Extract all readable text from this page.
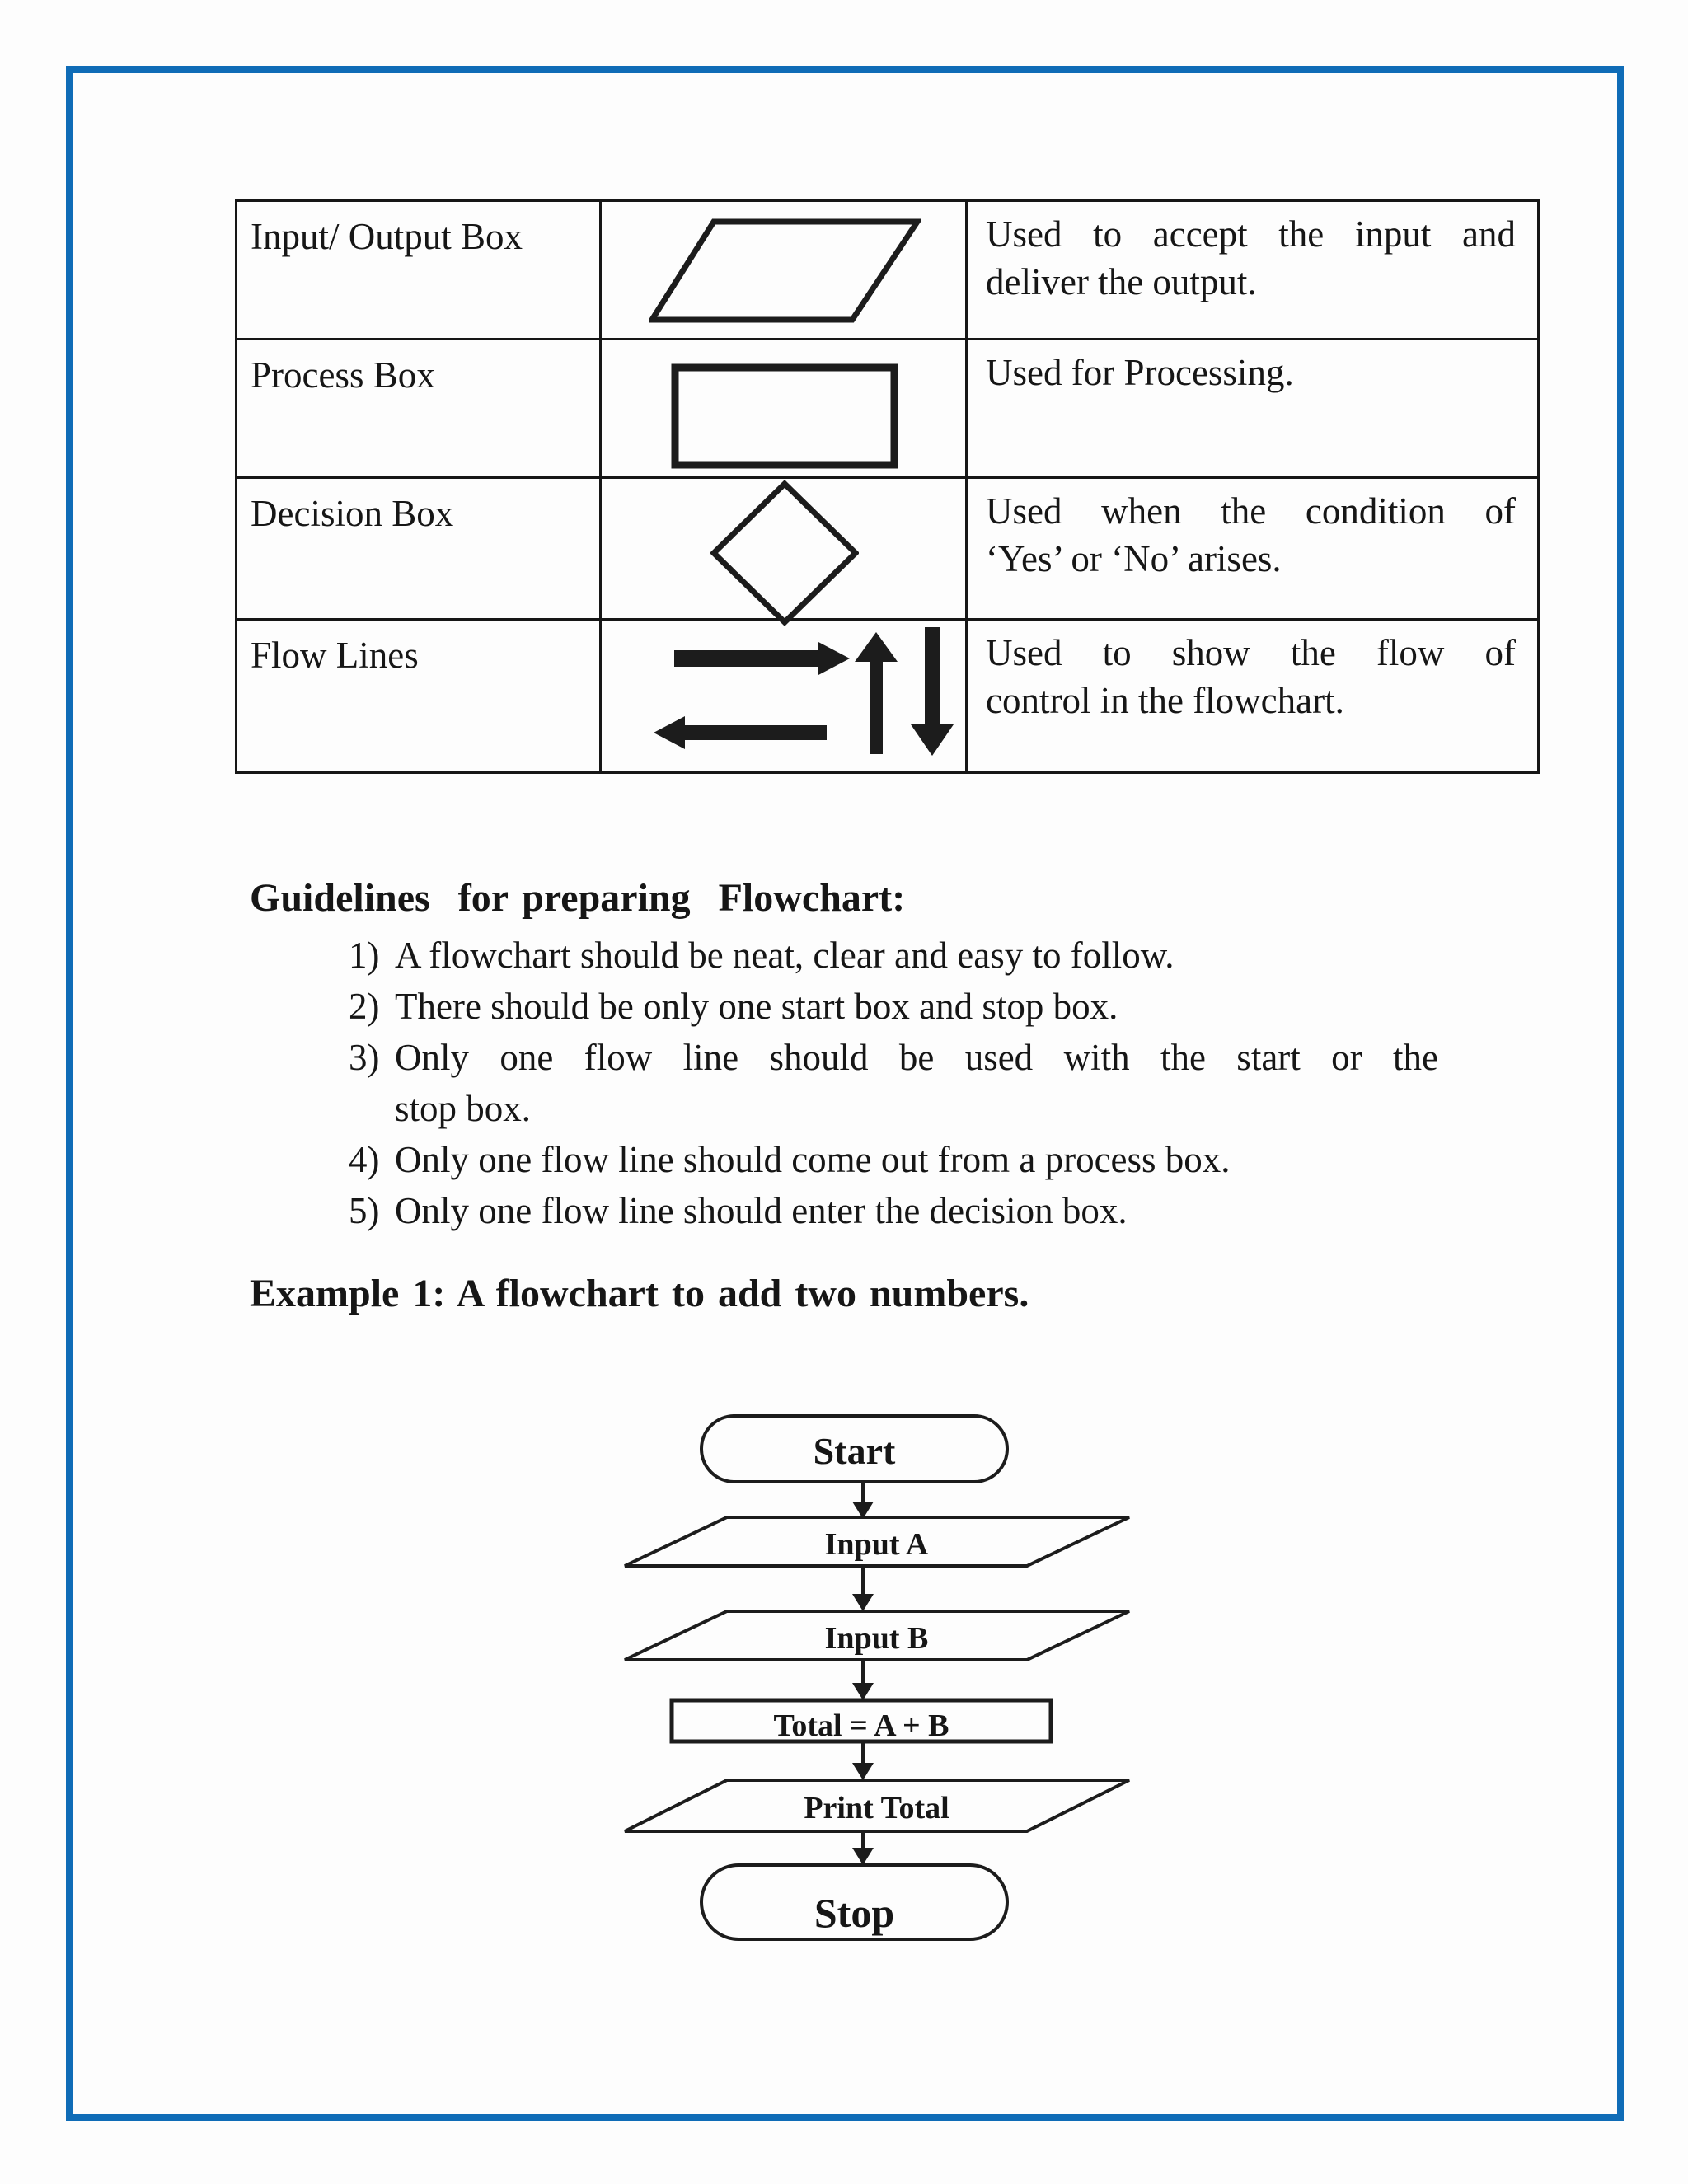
Input/ Output Box		Used to accept the input and
deliver the output.

Process Box		Used for Processing.

Decision Box		Used when the condition of
‘Yes’ or ‘No’ arises.

Flow Lines		Used to show the flow of
control in the flowchart.
Guidelines  for preparing  Flowchart:
1) A flowchart should be neat, clear and easy to follow.
2) There should be only one start box and stop box.
3) Only one flow line should be used with the start or the
stop box.
4) Only one flow line should come out from a process box.
5) Only one flow line should enter the decision box.
Example 1: A flowchart to add two numbers.
Start
Input A
Input B
Total = A + B
Print Total
Stop
